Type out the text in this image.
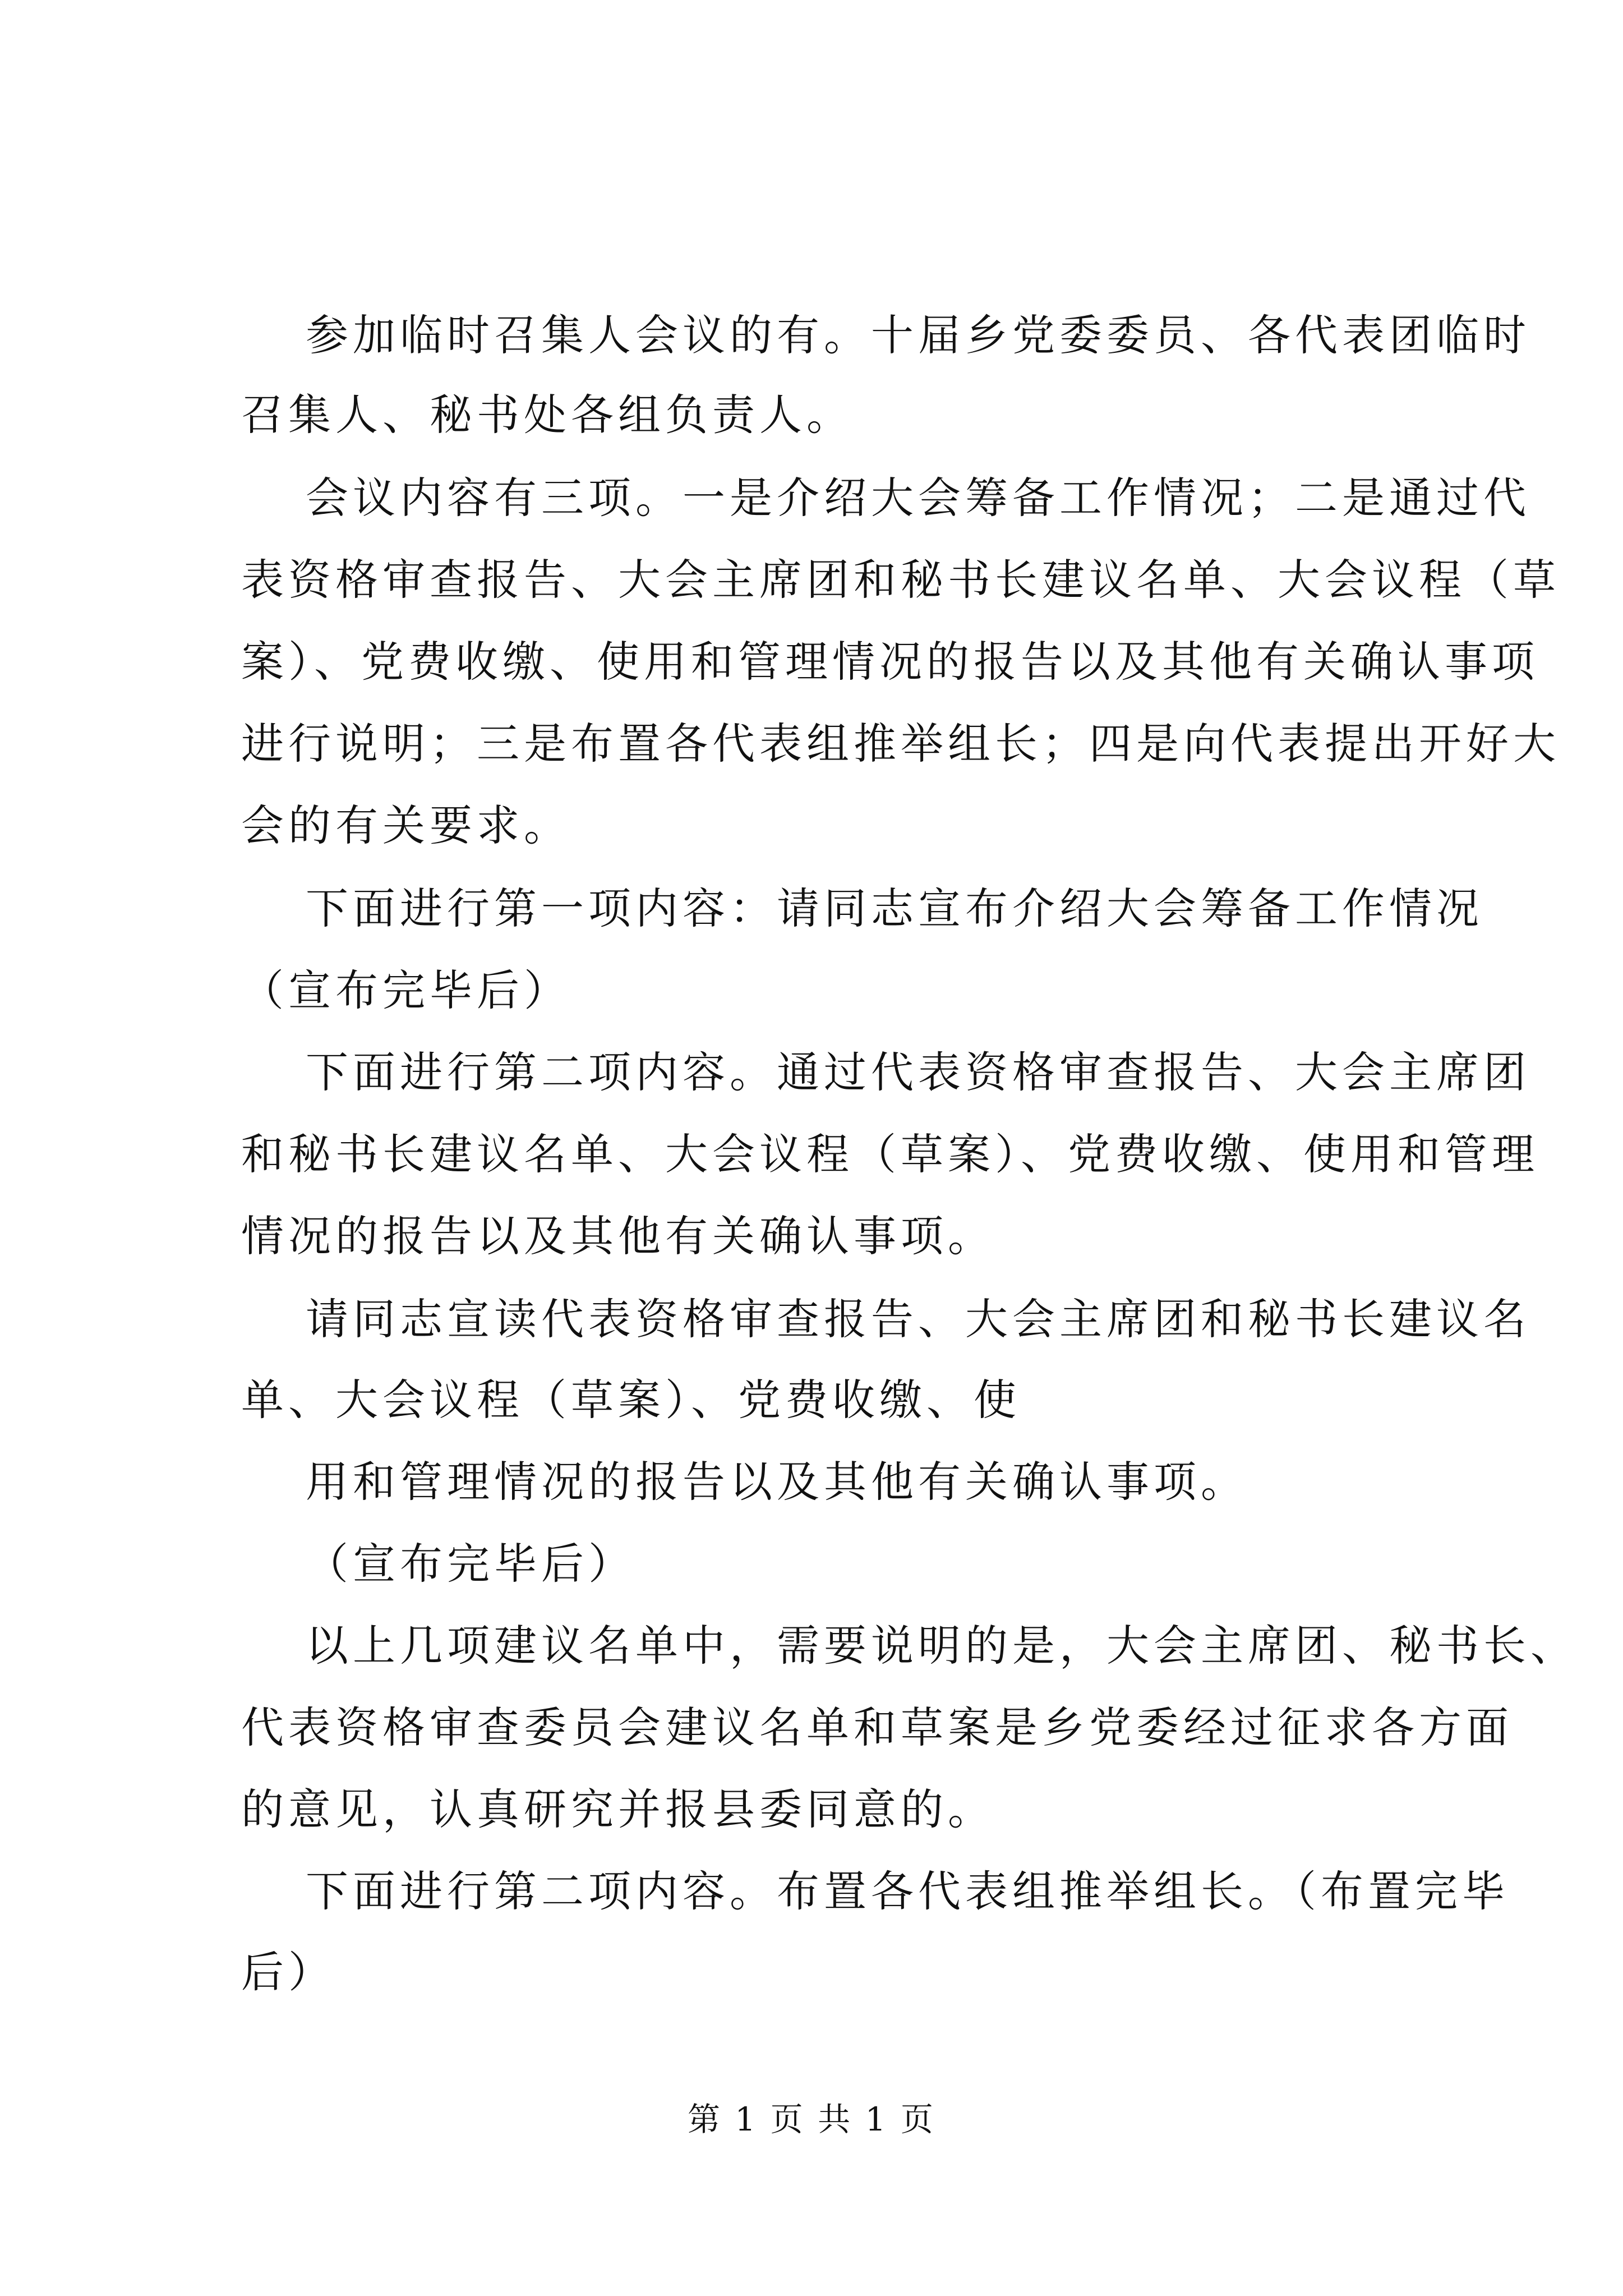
参加临时召集人会议的有。十届乡党委委员、各代表团临时
召集人、秘书处各组负责人。
会议内容有三项。一是介绍大会筹备工作情况；二是通过代
表资格审查报告、大会主席团和秘书长建议名单、大会议程（草
案）、党费收缴、使用和管理情况的报告以及其他有关确认事项
进行说明；三是布置各代表组推举组长；四是向代表提出开好大
会的有关要求。
下面进行第一项内容：请同志宣布介绍大会筹备工作情况
（宣布完毕后）
下面进行第二项内容。通过代表资格审查报告、大会主席团
和秘书长建议名单、大会议程（草案）、党费收缴、使用和管理
情况的报告以及其他有关确认事项。
请同志宣读代表资格审查报告、大会主席团和秘书长建议名
单、大会议程（草案）、党费收缴、使
用和管理情况的报告以及其他有关确认事项。
（宣布完毕后）
以上几项建议名单中，需要说明的是，大会主席团、秘书长、
代表资格审查委员会建议名单和草案是乡党委经过征求各方面
的意见，认真研究并报县委同意的。
下面进行第二项内容。布置各代表组推举组长。（布置完毕
后）
第 1 页 共 1 页
